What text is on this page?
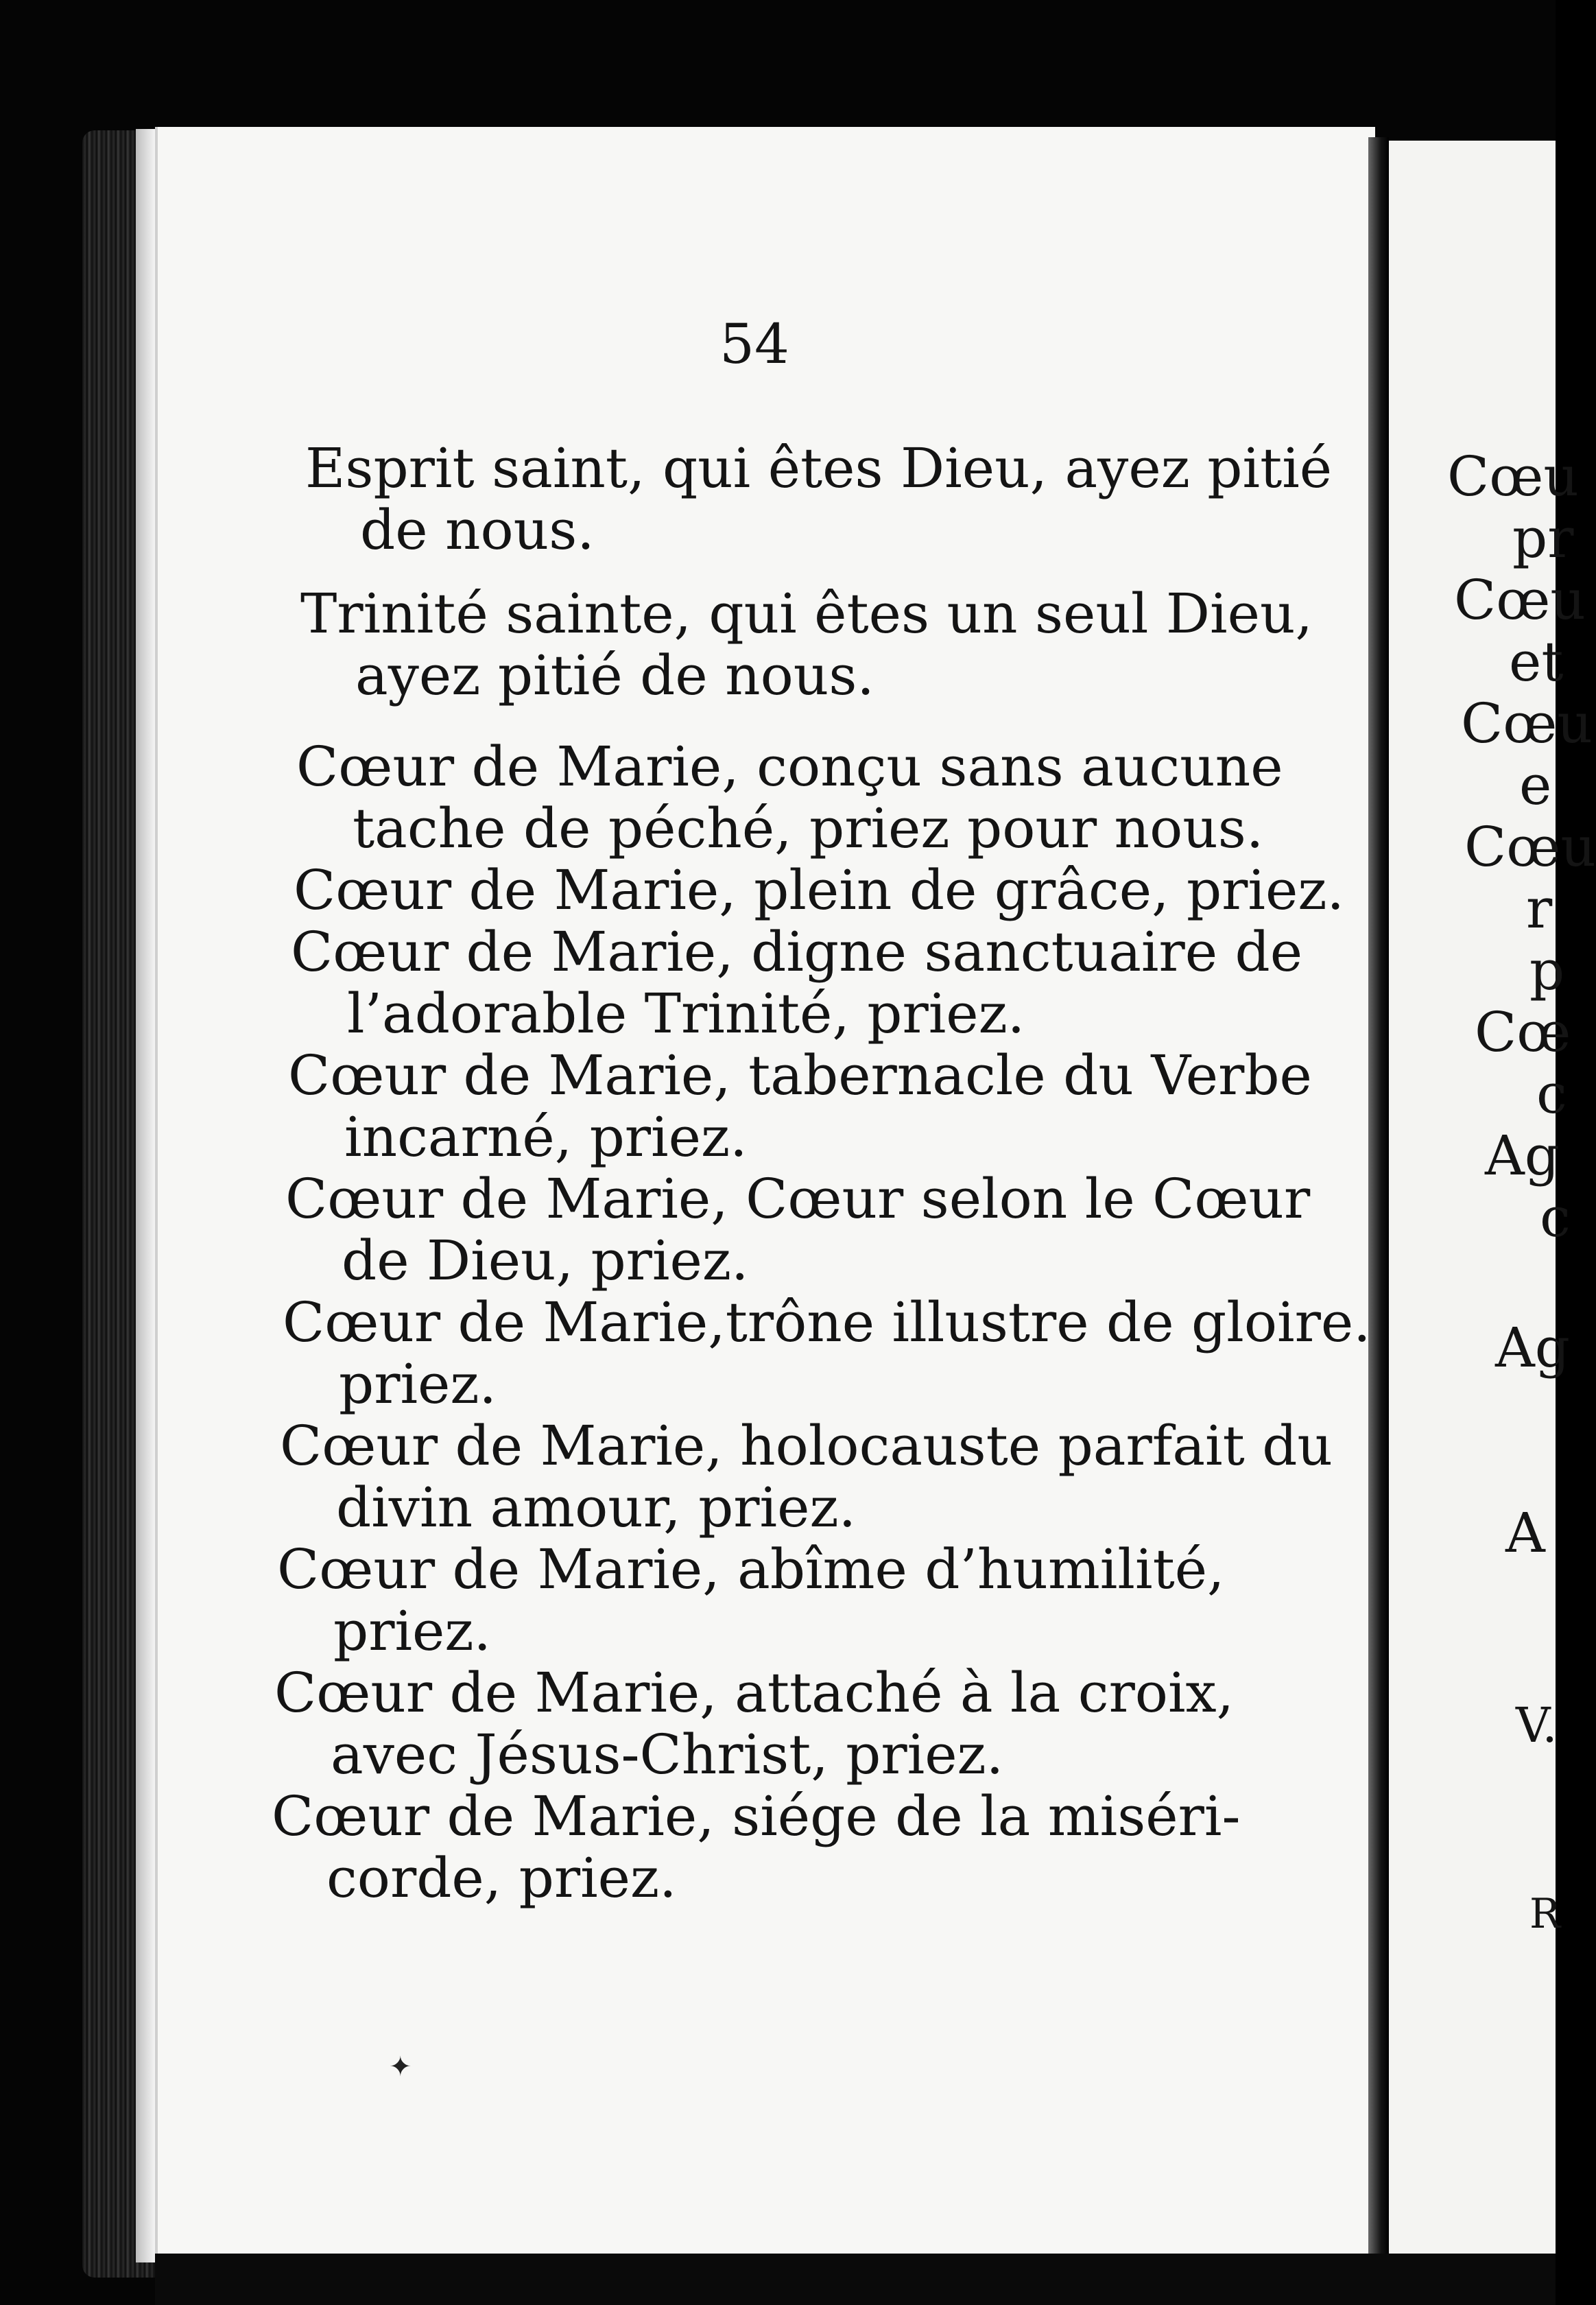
54
Esprit saint, qui êtes Dieu, ayez pitié
de nous.
Trinité sainte, qui êtes un seul Dieu,
ayez pitié de nous.
Cœur de Marie, conçu sans aucune
tache de péché, priez pour nous.
Cœur de Marie, plein de grâce, priez.
Cœur de Marie, digne sanctuaire de
l’adorable Trinité, priez.
Cœur de Marie, tabernacle du Verbe
incarné, priez.
Cœur de Marie, Cœur selon le Cœur
de Dieu, priez.
Cœur de Marie,trône illustre de gloire.
priez.
Cœur de Marie, holocauste parfait du
divin amour, priez.
Cœur de Marie, abîme d’humilité,
priez.
Cœur de Marie, attaché à la croix,
avec Jésus-Christ, priez.
Cœur de Marie, siége de la miséri-
corde, priez.
✦
Cœu
pr
Cœu
et
Cœu
e
Cœu
r
p
Cœ
c
Ag
c
Ag
A
V.
R
